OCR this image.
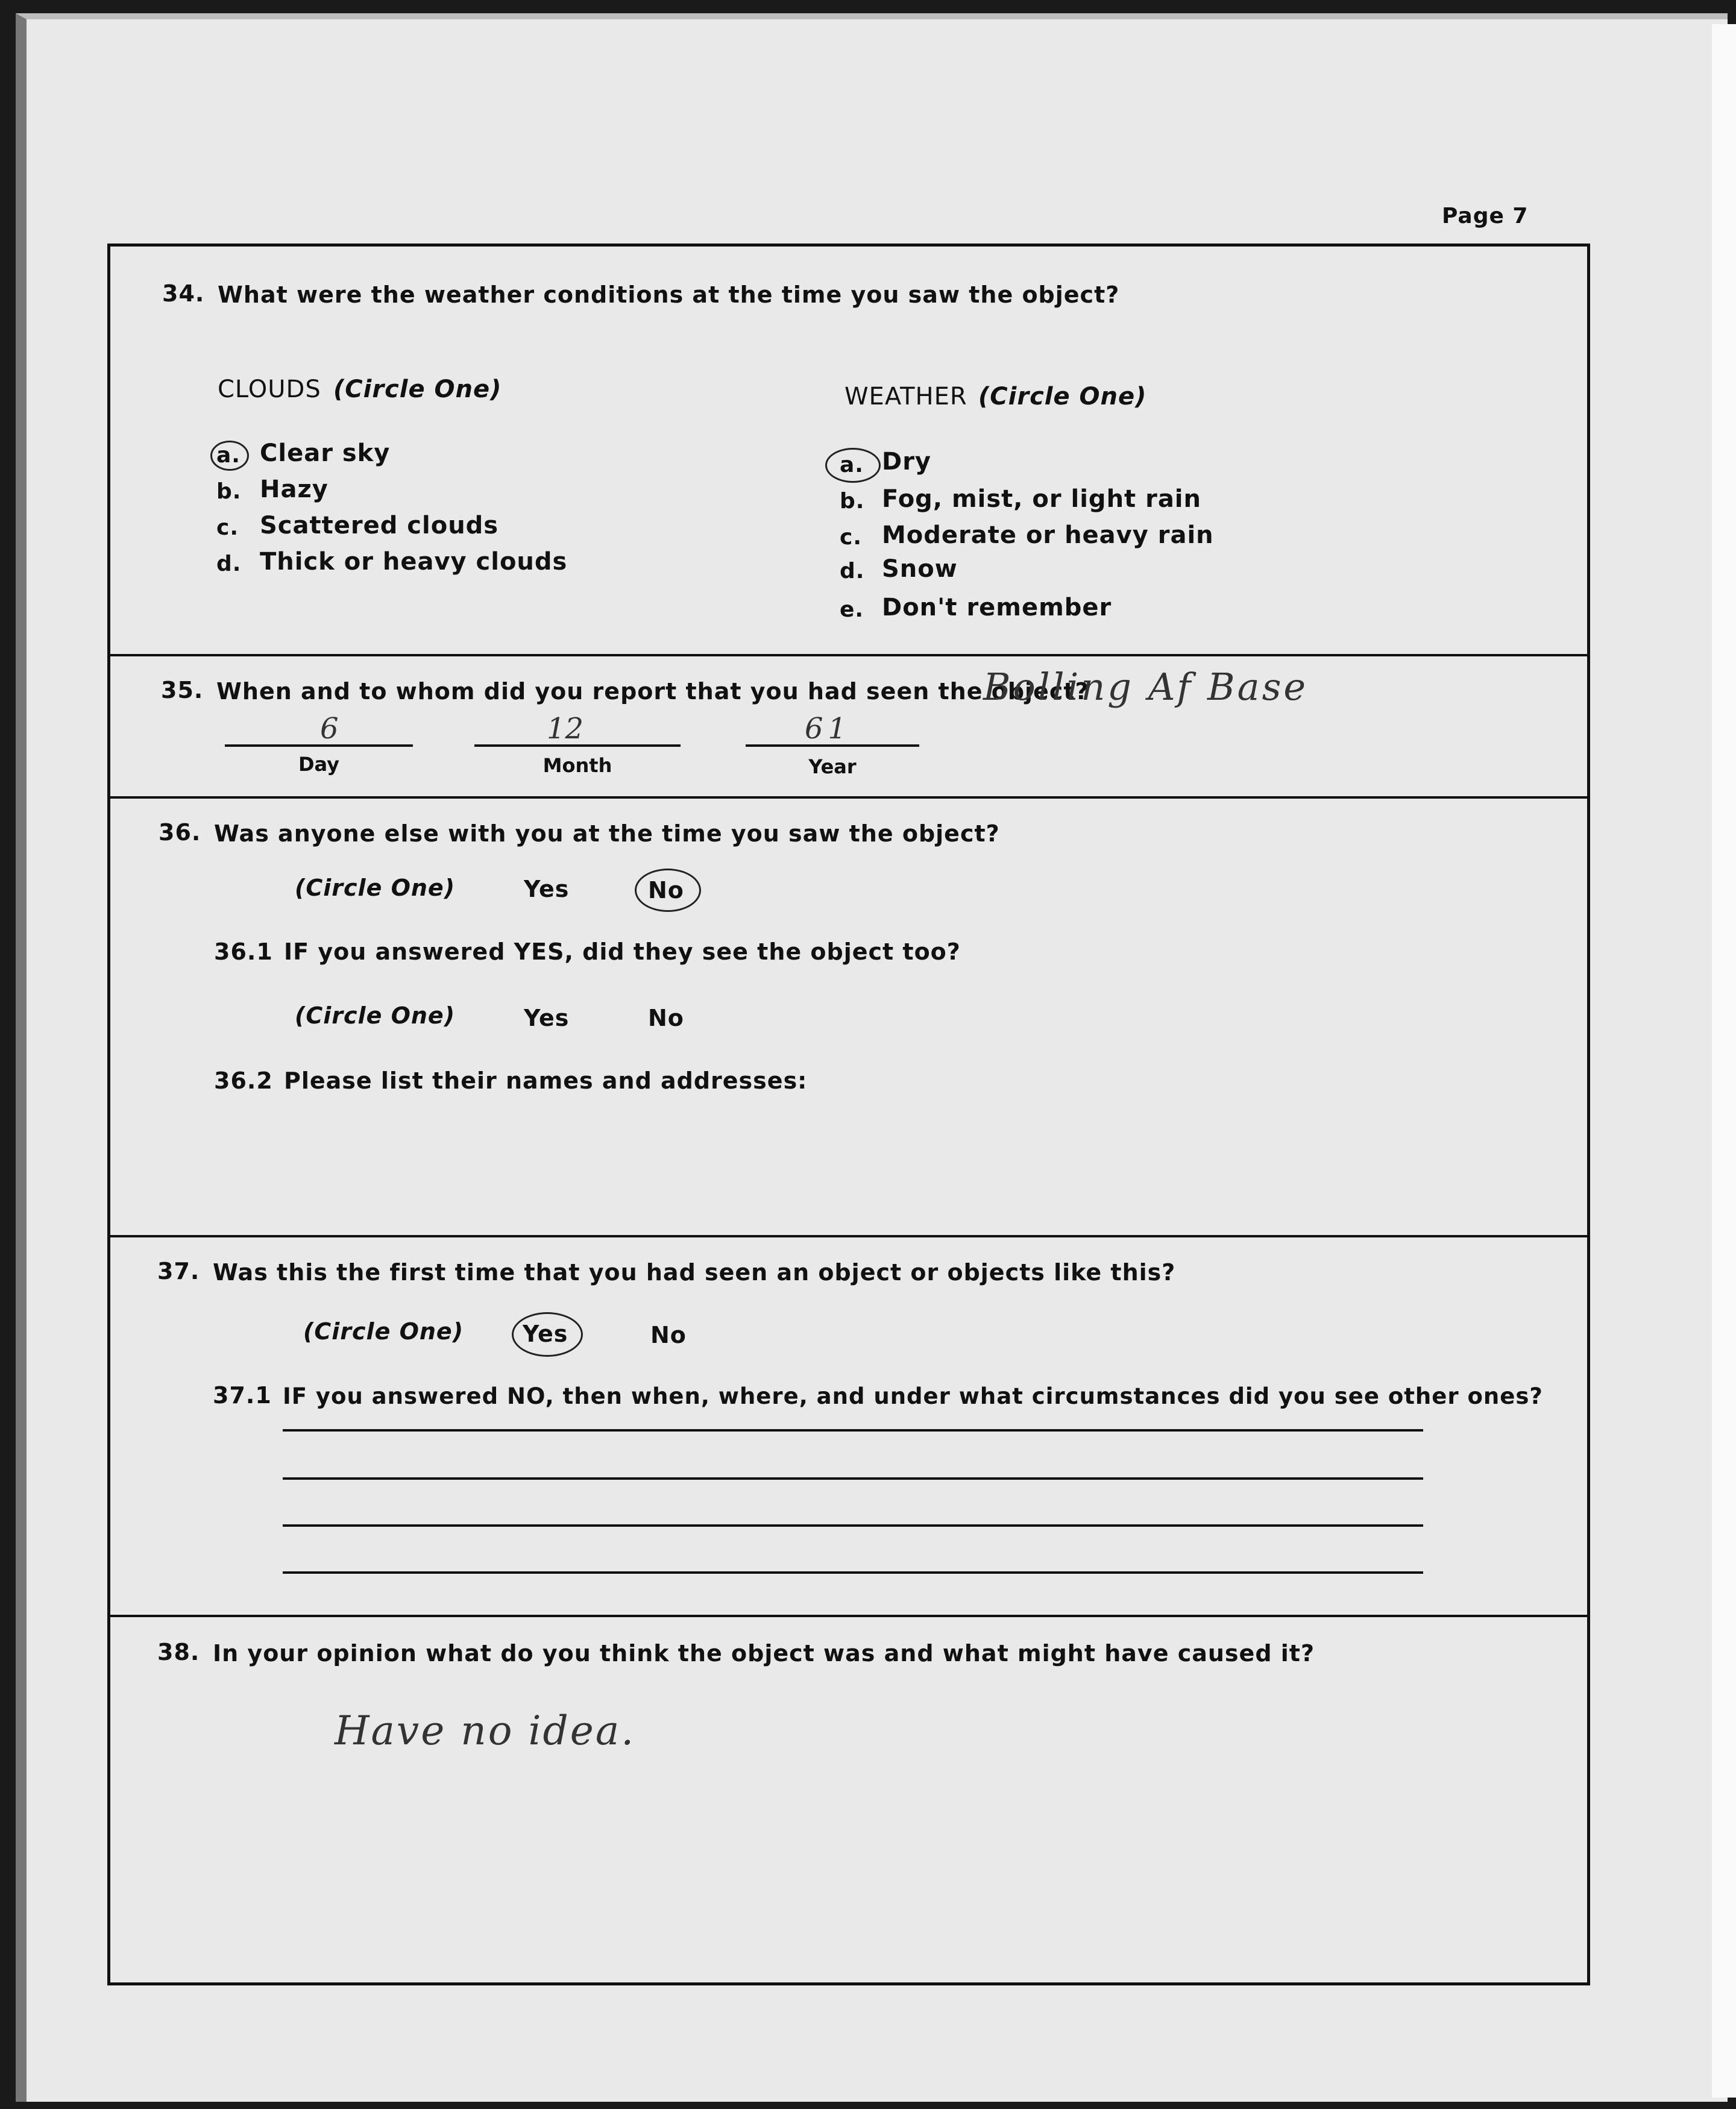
Page 7
34. What were the weather conditions at the time you saw the object?
CLOUDS (Circle One)
a. Clear sky
b. Hazy
c. Scattered clouds
d. Thick or heavy clouds
WEATHER (Circle One)
a. Dry
b. Fog, mist, or light rain
c. Moderate or heavy rain
d. Snow
e. Don't remember
35. When and to whom did you report that you had seen the object?
Bolling Af Base
6	12	61
Day	Month	Year
36. Was anyone else with you at the time you saw the object?
(Circle One)	Yes	No
36.1 IF you answered YES, did they see the object too?
(Circle One)	Yes	No
36.2 Please list their names and addresses:
37. Was this the first time that you had seen an object or objects like this?
(Circle One)	Yes	No
37.1 IF you answered NO, then when, where, and under what circumstances did you see other ones?
38. In your opinion what do you think the object was and what might have caused it?
Have no idea.
